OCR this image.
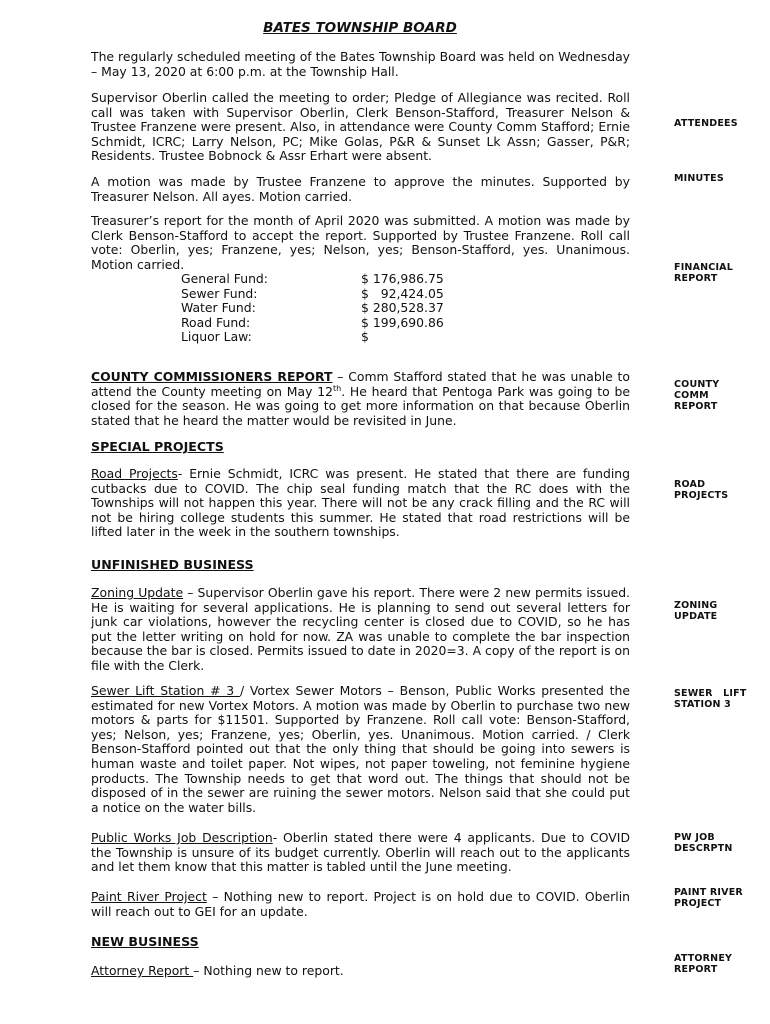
BATES TOWNSHIP BOARD

The regularly scheduled meeting of the Bates Township Board was held on Wednesday – May 13, 2020 at 6:00 p.m. at the Township Hall.

Supervisor Oberlin called the meeting to order; Pledge of Allegiance was recited. Roll call was taken with Supervisor Oberlin, Clerk Benson-Stafford, Treasurer Nelson & Trustee Franzene were present. Also, in attendance were County Comm Stafford; Ernie Schmidt, ICRC; Larry Nelson, PC; Mike Golas, P&R & Sunset Lk Assn; Gasser, P&R; Residents. Trustee Bobnock & Assr Erhart were absent.

A motion was made by Trustee Franzene to approve the minutes. Supported by Treasurer Nelson. All ayes. Motion carried.

Treasurer’s report for the month of April 2020 was submitted. A motion was made by Clerk Benson-Stafford to accept the report. Supported by Trustee Franzene. Roll call vote: Oberlin, yes; Franzene, yes; Nelson, yes; Benson-Stafford, yes. Unanimous. Motion carried.

General Fund:	$ 176,986.75
Sewer Fund:	$   92,424.05
Water Fund:	$ 280,528.37
Road Fund:	$ 199,690.86
Liquor Law:	$

COUNTY COMMISSIONERS REPORT – Comm Stafford stated that he was unable to attend the County meeting on May 12th. He heard that Pentoga Park was going to be closed for the season. He was going to get more information on that because Oberlin stated that he heard the matter would be revisited in June.

SPECIAL PROJECTS

Road Projects- Ernie Schmidt, ICRC was present. He stated that there are funding cutbacks due to COVID. The chip seal funding match that the RC does with the Townships will not happen this year. There will not be any crack filling and the RC will not be hiring college students this summer. He stated that road restrictions will be lifted later in the week in the southern townships.

UNFINISHED BUSINESS

Zoning Update – Supervisor Oberlin gave his report. There were 2 new permits issued. He is waiting for several applications. He is planning to send out several letters for junk car violations, however the recycling center is closed due to COVID, so he has put the letter writing on hold for now. ZA was unable to complete the bar inspection because the bar is closed. Permits issued to date in 2020=3. A copy of the report is on file with the Clerk.

Sewer Lift Station # 3 / Vortex Sewer Motors – Benson, Public Works presented the estimated for new Vortex Motors. A motion was made by Oberlin to purchase two new motors & parts for $11501. Supported by Franzene. Roll call vote: Benson-Stafford, yes; Nelson, yes; Franzene, yes; Oberlin, yes. Unanimous. Motion carried. / Clerk Benson-Stafford pointed out that the only thing that should be going into sewers is human waste and toilet paper. Not wipes, not paper toweling, not feminine hygiene products. The Township needs to get that word out. The things that should not be disposed of in the sewer are ruining the sewer motors. Nelson said that she could put a notice on the water bills.

Public Works Job Description- Oberlin stated there were 4 applicants. Due to COVID the Township is unsure of its budget currently. Oberlin will reach out to the applicants and let them know that this matter is tabled until the June meeting.

Paint River Project – Nothing new to report. Project is on hold due to COVID. Oberlin will reach out to GEI for an update.

NEW BUSINESS

Attorney Report – Nothing new to report.

ATTENDEES
MINUTES
FINANCIAL REPORT
COUNTY COMM REPORT
ROAD PROJECTS
ZONING UPDATE
SEWER   LIFT STATION 3
PW JOB DESCRPTN
PAINT RIVER PROJECT
ATTORNEY REPORT
